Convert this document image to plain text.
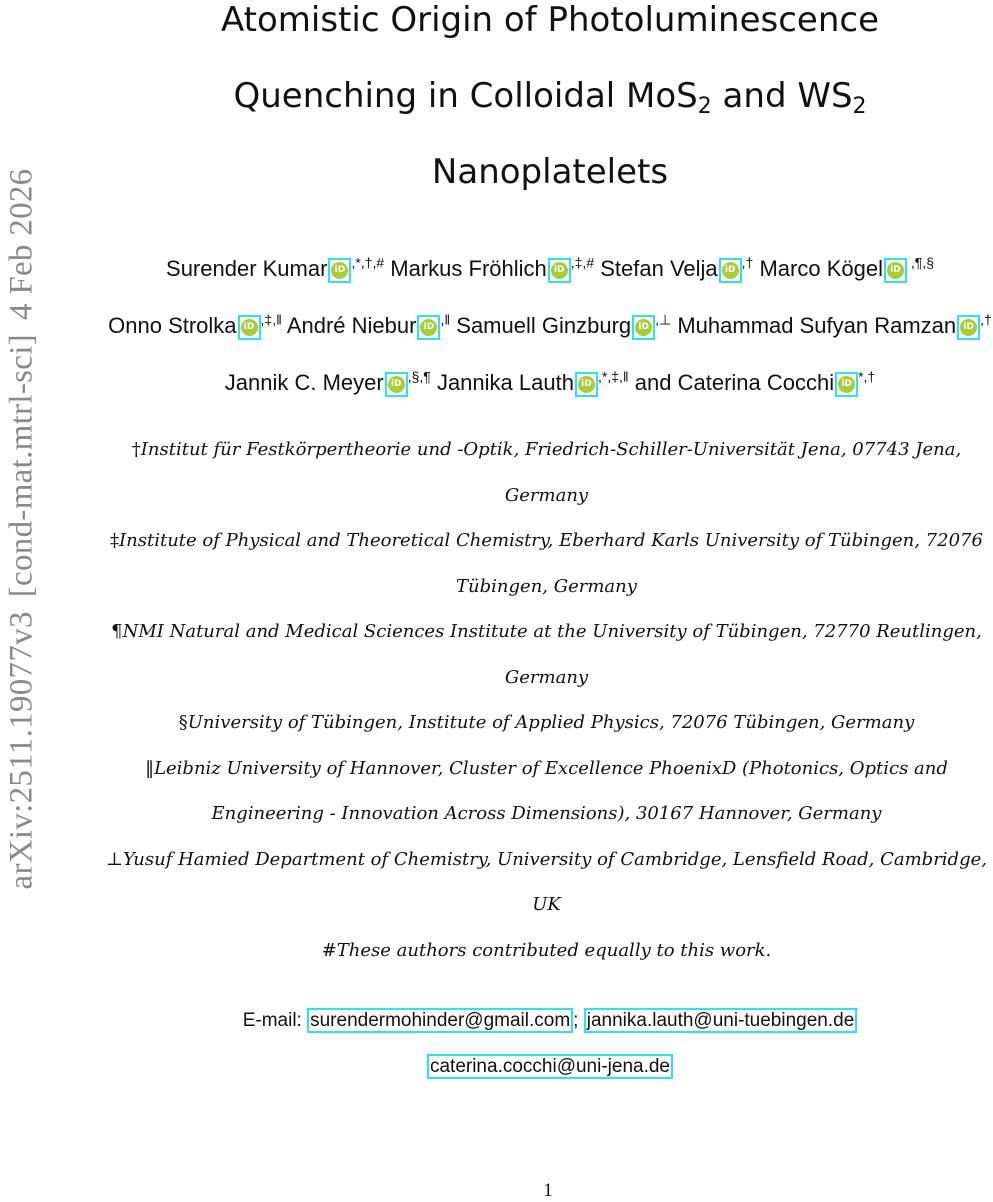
arXiv:2511.19077v3[cond-mat.mtrl-sci]4 Feb 2026
Atomistic Origin of Photoluminescence
Quenching in Colloidal MoS$_2$ and $WS_2$
Nanoplatelets
Surender Kumar iD ,*,†,# Markus Fröhlich iD ,‡,# Stefan Velja iD ,† Marco Kögel iD ,¶,§ Onno Strolka iD ,‡,‖ André Niebur iD ,‖ Samuell Ginzburg iD ,⊥ Muhammad Sufyan Ramzan iD ,† Jannik C. Meyer iD ,§,¶ Jannika Lauth iD ,*,‡,‖ and Caterina Cocchi iD *,†
†Institut für Festkörpertheorie und -Optik, Friedrich-Schiller-Universität Jena, 07743 Jena, Germany
‡Institute of Physical and Theoretical Chemistry, Eberhard Karls University of Tübingen, 72076 Tübingen, Germany
¶NMI Natural and Medical Sciences Institute at the University of Tübingen, 72770 Reutlingen, Germany
§University of Tübingen, Institute of Applied Physics, 72076 Tübingen, Germany
‖Leibniz University of Hannover, Cluster of Excellence PhoenixD (Photonics, Optics and Engineering - Innovation Across Dimensions), 30167 Hannover, Germany
⊥Yusuf Hamied Department of Chemistry, University of Cambridge, Lensfield Road, Cambridge, UK
#These authors contributed equally to this work.
E-mail: surendermohinder@gmail.com ; jannika.lauth@uni-tuebingen.de
caterina.cocchi@uni-jena.de
1
